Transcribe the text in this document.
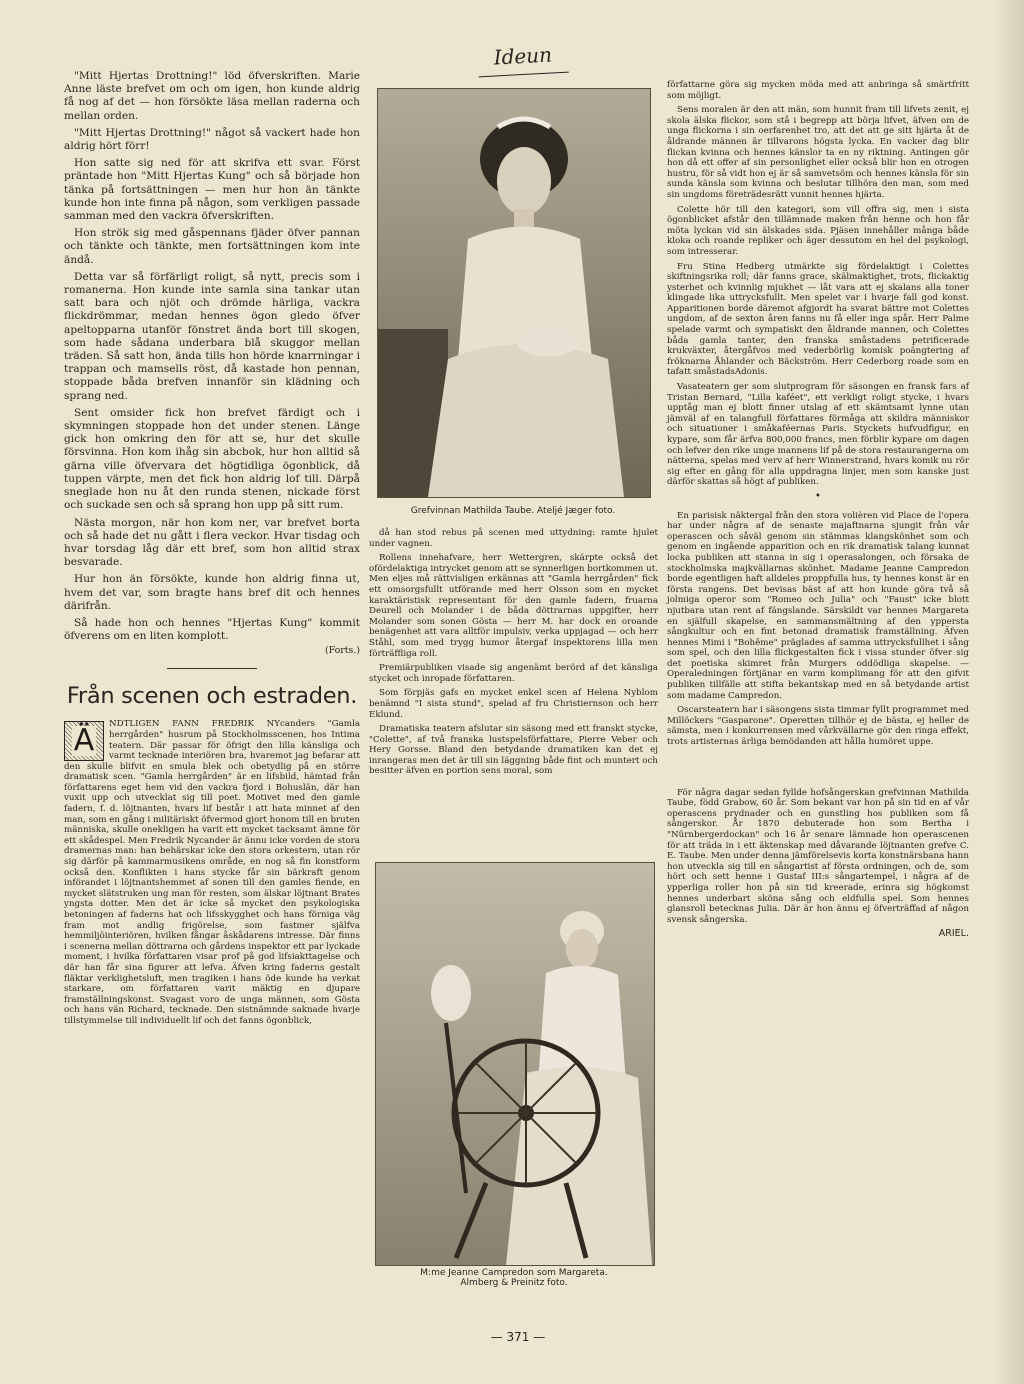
Ideun

"Mitt Hjertas Drottning!" löd öfverskriften. Marie Anne läste brefvet om och om igen, hon kunde aldrig få nog af det — hon försökte läsa mellan raderna och mellan orden.

"Mitt Hjertas Drottning!" något så vackert hade hon aldrig hört förr!

Hon satte sig ned för att skrifva ett svar. Först präntade hon "Mitt Hjertas Kung" och så började hon tänka på fortsättningen — men hur hon än tänkte kunde hon inte finna på någon, som verkligen passade samman med den vackra öfverskriften.

Hon strök sig med gåspennans fjäder öfver pannan och tänkte och tänkte, men fortsättningen kom inte ändå.

Detta var så förfärligt roligt, så nytt, precis som i romanerna. Hon kunde inte samla sina tankar utan satt bara och njöt och drömde härliga, vackra flickdrömmar, medan hennes ögon gledo öfver apeltopparna utanför fönstret ända bort till skogen, som hade sådana underbara blå skuggor mellan träden. Så satt hon, ända tills hon hörde knarrningar i trappan och mamsells röst, då kastade hon pennan, stoppade båda brefven innanför sin klädning och sprang ned.

Sent omsider fick hon brefvet färdigt och i skymningen stoppade hon det under stenen. Länge gick hon omkring den för att se, hur det skulle försvinna. Hon kom ihåg sin abcbok, hur hon alltid så gärna ville öfvervara det högtidliga ögonblick, då tuppen värpte, men det fick hon aldrig lof till. Därpå sneglade hon nu åt den runda stenen, nickade först och suckade sen och så sprang hon upp på sitt rum.

Nästa morgon, när hon kom ner, var brefvet borta och så hade det nu gått i flera veckor. Hvar tisdag och hvar torsdag låg där ett bref, som hon alltid strax besvarade.

Hur hon än försökte, kunde hon aldrig finna ut, hvem det var, som bragte hans bref dit och hennes därifrån.

Så hade hon och hennes "Hjertas Kung" kommit öfverens om en liten komplott.

(Forts.)
Från scenen och estraden.
Ä	NDTLIGEN FANN FREDRIK NYcanders "Gamla herrgården" husrum på Stockholmsscenen, hos Intima teatern. Där passar för öfrigt den lilla känsliga och varmt tecknade interiören bra, hvaremot jag befarar att den skulle blifvit en smula blek och obetydlig på en större dramatisk scen. "Gamla herrgården" är en lifsbild, hämtad från författarens eget hem vid den vackra fjord i Bohuslän, där han vuxit upp och utvecklat sig till poet. Motivet med den gamle fadern, f. d. löjtnanten, hvars lif består i att hata minnet af den man, som en gång i militäriskt öfvermod gjort honom till en bruten människa, skulle onekligen ha varit ett mycket tacksamt ämne för ett skådespel. Men Fredrik Nycander är ännu icke vorden de stora dramernas man: han behärskar icke den stora orkestern, utan rör sig därför på kammarmusikens område, en nog så fin konstform också den. Konflikten i hans stycke får sin bärkraft genom införandet i löjtnantshemmet af sonen till den gamles fiende, en mycket slätstruken ung man för resten, som älskar löjtnant Brates yngsta dotter. Men det är icke så mycket den psykologiska betoningen af faderns hat och lifsskygghet och hans förniga väg fram mot andlig frigörelse, som fastmer själfva hemmiljöinteriören, hvilken fångar åskådarens intresse. Där finns i scenerna mellan döttrarna och gårdens inspektor ett par lyckade moment, i hvilka författaren visar prof på god lifsiakttagelse och där han får sina figurer att lefva. Äfven kring faderns gestalt fläktar verklighetsluft, men tragiken i hans öde kunde ha verkat starkare, om författaren varit mäktig en djupare framställningskonst. Svagast voro de unga männen, som Gösta och hans vän Richard, tecknade. Den sistnämnde saknade hvarje tillstymmelse till individuellt lif och det fanns ögonblick,

Grefvinnan Mathilda Taube. Ateljé Jæger foto.

då han stod rebus på scenen med uttydning: ramte hjulet under vagnen.

Rollens innehafvare, herr Wettergren, skärpte också det ofördelaktiga intrycket genom att se synnerligen bortkommen ut. Men eljes må rättvisligen erkännas att "Gamla herrgården" fick ett omsorgsfullt utförande med herr Olsson som en mycket karaktäristisk representant för den gamle fadern, fruarna Deurell och Molander i de båda döttrarnas uppgifter, herr Molander som sonen Gösta — herr M. har dock en oroande benägenhet att vara alltför impulsiv, verka uppjagad — och herr Ståhl, som med trygg humor återgaf inspektorens lilla men förträffliga roll.

Premiärpubliken visade sig angenämt berörd af det känsliga stycket och inropade författaren.

Som förpjäs gafs en mycket enkel scen af Helena Nyblom benämnd "I sista stund", spelad af fru Christiernson och herr Eklund.

Dramatiska teatern afslutar sin säsong med ett franskt stycke, "Colette", af två franska lustspelsförfattare, Pierre Veber och Hery Gorsse. Bland den betydande dramatiken kan det ej inrangeras men det är till sin läggning både fint och muntert och besitter äfven en portion sens moral, som

M:me Jeanne Campredon som Margareta.
Almberg & Preinitz foto.

författarne göra sig mycken möda med att anbringa så smärtfritt som möjligt.

Sens moralen är den att män, som hunnit fram till lifvets zenit, ej skola älska flickor, som stå i begrepp att börja lifvet, äfven om de unga flickorna i sin oerfarenhet tro, att det att ge sitt hjärta åt de åldrande männen är tillvarons högsta lycka. En vacker dag blir flickan kvinna och hennes känslor ta en ny riktning. Antingen gör hon då ett offer af sin personlighet eller också blir hon en otrogen hustru, för så vidt hon ej är så samvetsöm och hennes känsla för sin sunda känsla som kvinna och beslutar tillhöra den man, som med sin ungdoms företrädesrätt vunnit hennes hjärta.

Colette hör till den kategori, som vill offra sig, men i sista ögonblicket afstår den tillämnade maken från henne och hon får möta lyckan vid sin älskades sida. Pjäsen innehåller många både kloka och roande repliker och äger dessutom en hel del psykologi, som intresserar.

Fru Stina Hedberg utmärkte sig fördelaktigt i Colettes skiftningsrika roll; där fanns grace, skälmaktighet, trots, flickaktig ysterhet och kvinnlig mjukhet — låt vara att ej skalans alla toner klingade lika uttrycksfullt. Men spelet var i hvarje fall god konst. Apparitionen borde däremot afgjordt ha svarat bättre mot Colettes ungdom, af de sexton åren fanns nu få eller inga spår. Herr Palme spelade varmt och sympatiskt den åldrande mannen, och Colettes båda gamla tanter, den franska småstadens petrificerade krukväxter, återgåfvos med vederbörlig komisk poängtering af fröknarna Åhlander och Bäckström. Herr Cederborg roade som en tafatt småstadsAdonis.

Vasateatern ger som slutprogram för säsongen en fransk fars af Tristan Bernard, "Lilla kaféet", ett verkligt roligt stycke, i hvars upptåg man ej blott finner utslag af ett skämtsamt lynne utan jämväl af en talangfull författares förmåga att skildra människor och situationer i småkaféernas Paris. Styckets hufvudfigur, en kypare, som får ärfva 800,000 francs, men förblir kypare om dagen och lefver den rike unge mannens lif på de stora restaurangerna om nätterna, spelas med verv af herr Winnerstrand, hvars komik nu rör sig efter en gång för alla uppdragna linjer, men som kanske just därför skattas så högt af publiken.

•

En parisisk näktergal från den stora volièren vid Place de l'opera har under några af de senaste majaftnarna sjungit från vår operascen och såväl genom sin stämmas klangskönhet som och genom en ingående apparition och en rik dramatisk talang kunnat locka publiken att stanna in sig i operasalongen, och försaka de stockholmska majkvällarnas skönhet. Madame Jeanne Campredon borde egentligen haft alldeles proppfulla hus, ty hennes konst är en första rangens. Det bevisas bäst af att hon kunde göra två så jolmiga operor som "Romeo och Julia" och "Faust" icke blott njutbara utan rent af fängslande. Särskildt var hennes Margareta en själfull skapelse, en sammansmältning af den yppersta sångkultur och en fint betonad dramatisk framställning. Äfven hennes Mimi i "Bohême" präglades af samma uttrycksfullhet i sång som spel, och den lilla flickgestalten fick i vissa stunder öfver sig det poetiska skimret från Murgers oddödliga skapelse. — Operaledningen förtjänar en varm komplimang för att den gifvit publiken tillfälle att stifta bekantskap med en så betydande artist som madame Campredon.

Oscarsteatern har i säsongens sista timmar fyllt programmet med Millöckers "Gasparone". Operetten tillhör ej de bästa, ej heller de sämsta, men i konkurrensen med vårkvällarne gör den ringa effekt, trots artisternas ärliga bemödanden att hålla humöret uppe.

För några dagar sedan fyllde hofsångerskan grefvinnan Mathilda Taube, född Grabow, 60 år. Som bekant var hon på sin tid en af vår operascens prydnader och en gunstling hos publiken som få sångerskor. År 1870 debuterade hon som Bertha i "Nürnbergerdockan" och 16 år senare lämnade hon operascenen för att träda in i ett äktenskap med dåvarande löjtnanten grefve C. E. Taube. Men under denna jämförelsevis korta konstnärsbana hann hon utveckla sig till en sångartist af första ordningen, och de, som hört och sett henne i Gustaf III:s sångartempel, i några af de ypperliga roller hon på sin tid kreerade, erinra sig högkomst hennes underbart sköna sång och eldfulla spel. Som hennes glansroll betecknas Julia. Där är hon ännu ej öfverträffad af någon svensk sångerska.

ARIEL.
— 371 —
